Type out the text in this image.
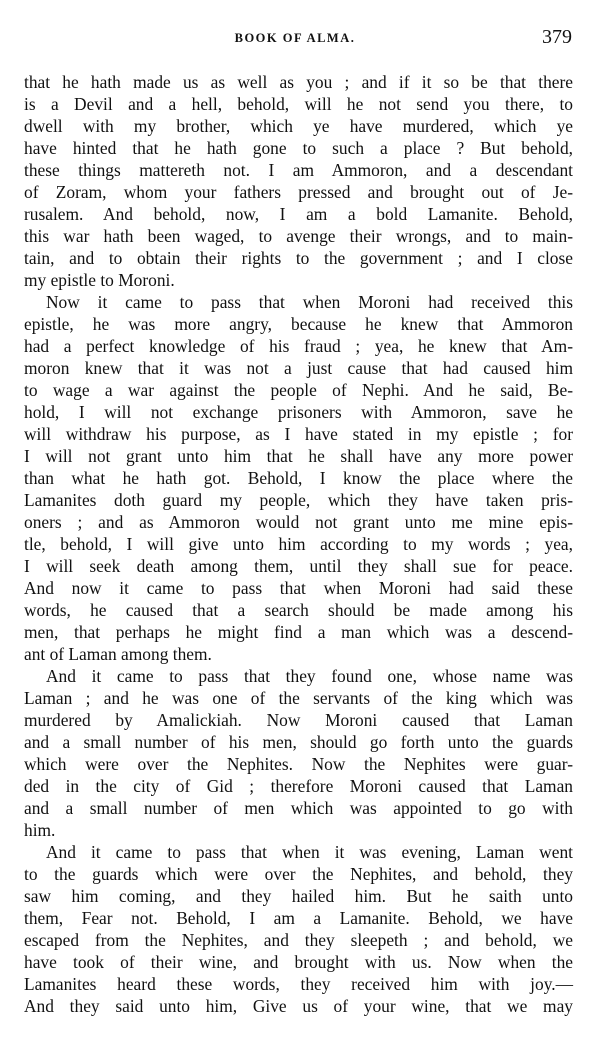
BOOK OF ALMA.	379
that he hath made us as well as you ; and if it so be that there
is a Devil and a hell, behold, will he not send you there, to
dwell with my brother, which ye have murdered, which ye
have hinted that he hath gone to such a place ? But behold,
these things mattereth not. I am Ammoron, and a descendant
of Zoram, whom your fathers pressed and brought out of Je-
rusalem. And behold, now, I am a bold Lamanite. Behold,
this war hath been waged, to avenge their wrongs, and to main-
tain, and to obtain their rights to the government ; and I close
my epistle to Moroni.
Now it came to pass that when Moroni had received this
epistle, he was more angry, because he knew that Ammoron
had a perfect knowledge of his fraud ; yea, he knew that Am-
moron knew that it was not a just cause that had caused him
to wage a war against the people of Nephi. And he said, Be-
hold, I will not exchange prisoners with Ammoron, save he
will withdraw his purpose, as I have stated in my epistle ; for
I will not grant unto him that he shall have any more power
than what he hath got. Behold, I know the place where the
Lamanites doth guard my people, which they have taken pris-
oners ; and as Ammoron would not grant unto me mine epis-
tle, behold, I will give unto him according to my words ; yea,
I will seek death among them, until they shall sue for peace.
And now it came to pass that when Moroni had said these
words, he caused that a search should be made among his
men, that perhaps he might find a man which was a descend-
ant of Laman among them.
And it came to pass that they found one, whose name was
Laman ; and he was one of the servants of the king which was
murdered by Amalickiah. Now Moroni caused that Laman
and a small number of his men, should go forth unto the guards
which were over the Nephites. Now the Nephites were guar-
ded in the city of Gid ; therefore Moroni caused that Laman
and a small number of men which was appointed to go with
him.
And it came to pass that when it was evening, Laman went
to the guards which were over the Nephites, and behold, they
saw him coming, and they hailed him. But he saith unto
them, Fear not. Behold, I am a Lamanite. Behold, we have
escaped from the Nephites, and they sleepeth ; and behold, we
have took of their wine, and brought with us. Now when the
Lamanites heard these words, they received him with joy.—
And they said unto him, Give us of your wine, that we may
